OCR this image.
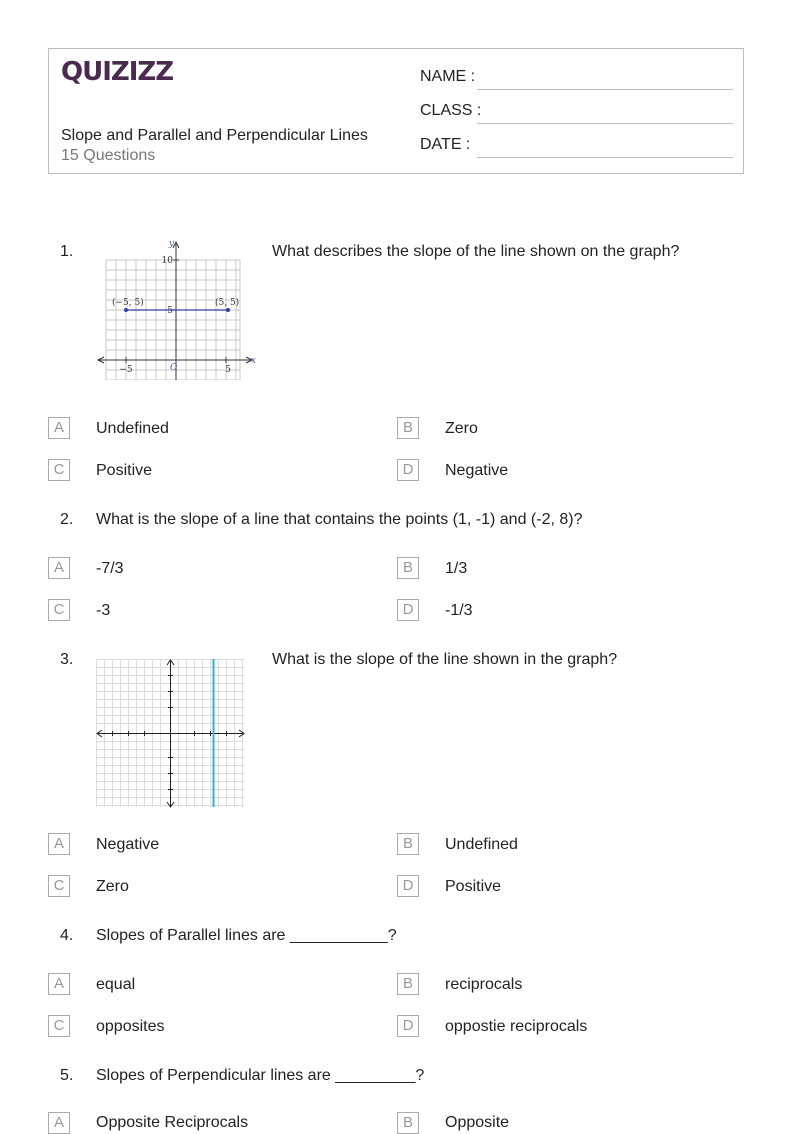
QUIZIZZ
Slope and Parallel and Perpendicular Lines
15 Questions
NAME :
CLASS :
DATE :
1.	y
x
10
5
−5	5
O
(−5, 5)	(5, 5)
What describes the slope of the line shown on the graph?
A	Undefined	B	Zero
C	Positive	D	Negative
2. What is the slope of a line that contains the points (1, -1) and (-2, 8)?
A	-7/3	B	1/3
C	-3	D	-1/3
3.	What is the slope of the line shown in the graph?
A	Negative	B	Undefined
C	Zero	D	Positive
4. Slopes of Parallel lines are ___________?
A	equal	B	reciprocals
C	opposites	D	oppostie reciprocals
5. Slopes of Perpendicular lines are _________?
A	Opposite Reciprocals	B	Opposite
